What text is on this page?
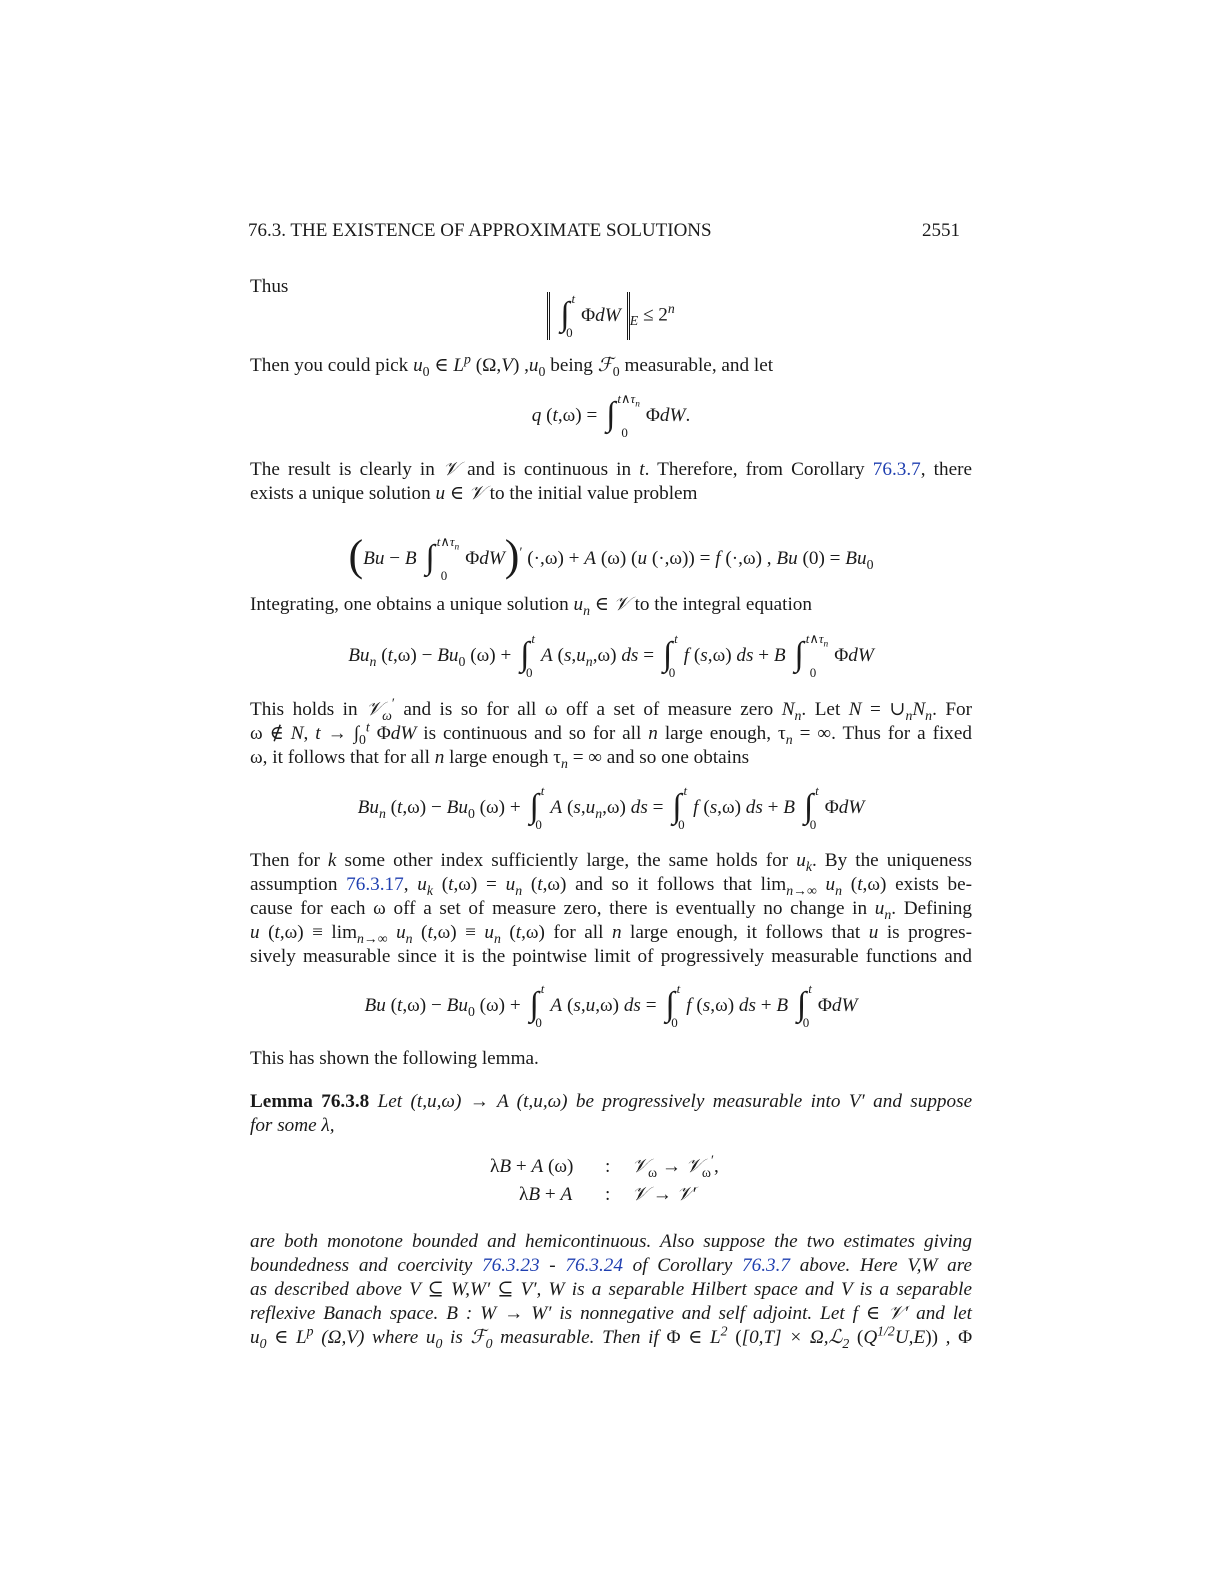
76.3. THE EXISTENCE OF APPROXIMATE SOLUTIONS	2551
Thus
∫ t
0
ΦdW $_E \le 2^n$
Then you could pick $u_0$ ∈ $L^p$ (Ω,V) $,u_0$ being ℱ$_0$ measurable, and let
q (t,ω) = ∫ $t\wedge\tau_n$
0
ΦdW.
The result is clearly in 𝒱 and is continuous in t. Therefore, from Corollary 76.3.7, there
exists a unique solution u ∈ 𝒱 to the initial value problem
(Bu − B ∫ $t\wedge\tau_n$
0
ΦdW)′ (·,ω) + A (ω) (u (·,ω)) = f (·,ω) , Bu $(0) = Bu_0$
Integrating, one obtains a unique solution $u_n$ ∈ 𝒱 to the integral equation
$Bu_n$ $(t,\omega) - Bu_0$ (ω) + ∫ t
0
A $(s,u_n,\omega)$ ds = ∫ t
0
f (s,ω) ds + B ∫ $t\wedge\tau_n$
0
ΦdW
This holds in 𝒱$_\omega$′ and is so for all ω off a set of measure zero $N_n$. Let $N = \cup_nN_n$. For
ω ∉ N, $t \to \int_0^t$ ΦdW is continuous and so for all n large enough, $\tau_n$ = ∞. Thus for a fixed
ω, it follows that for all n large enough $\tau_n$ = ∞ and so one obtains
$Bu_n$ $(t,\omega) - Bu_0$ (ω) + ∫ t
0
A $(s,u_n,\omega)$ ds = ∫ t
0
f (s,ω) ds + B ∫ t
0
ΦdW
Then for k some other index sufficiently large, the same holds for $u_k$. By the uniqueness
assumption 76.3.17, $u_k$ $(t,\omega) = u_n$ (t,ω) and so it follows that $\lim_{n\to\infty} u_n$ (t,ω) exists be-
cause for each ω off a set of measure zero, there is eventually no change in $u_n$. Defining
u $(t,\omega) \equiv \lim_{n\to\infty} u_n$ $(t,\omega) \equiv u_n$ (t,ω) for all n large enough, it follows that u is progres-
sively measurable since it is the pointwise limit of progressively measurable functions and
Bu $(t,\omega) - Bu_0$ (ω) + ∫ t
0
A (s,u,ω) ds = ∫ t
0
f (s,ω) ds + B ∫ t
0
ΦdW
This has shown the following lemma.
Lemma 76.3.8 Let (t,u,ω) → A (t,u,ω) be progressively measurable into V′ and suppose
for some λ,
λB + A (ω) : 𝒱$_\omega$ → 𝒱$_\omega$′,
λB + A : 𝒱 → 𝒱′
are both monotone bounded and hemicontinuous. Also suppose the two estimates giving
boundedness and coercivity 76.3.23 - 76.3.24 of Corollary 76.3.7 above. Here V,W are
as described above V ⊆ W,W′ ⊆ V′, W is a separable Hilbert space and V is a separable
reflexive Banach space. B : W → W′ is nonnegative and self adjoint. Let f ∈ 𝒱′ and let
$u_0$ ∈ $L^p$ (Ω,V) where $u_0$ is ℱ$_0$ measurable. Then if Φ ∈ $L^2$ ([0,T] × Ω,ℒ$_2$ $(Q^{1/2}U,E)$) , Φ
